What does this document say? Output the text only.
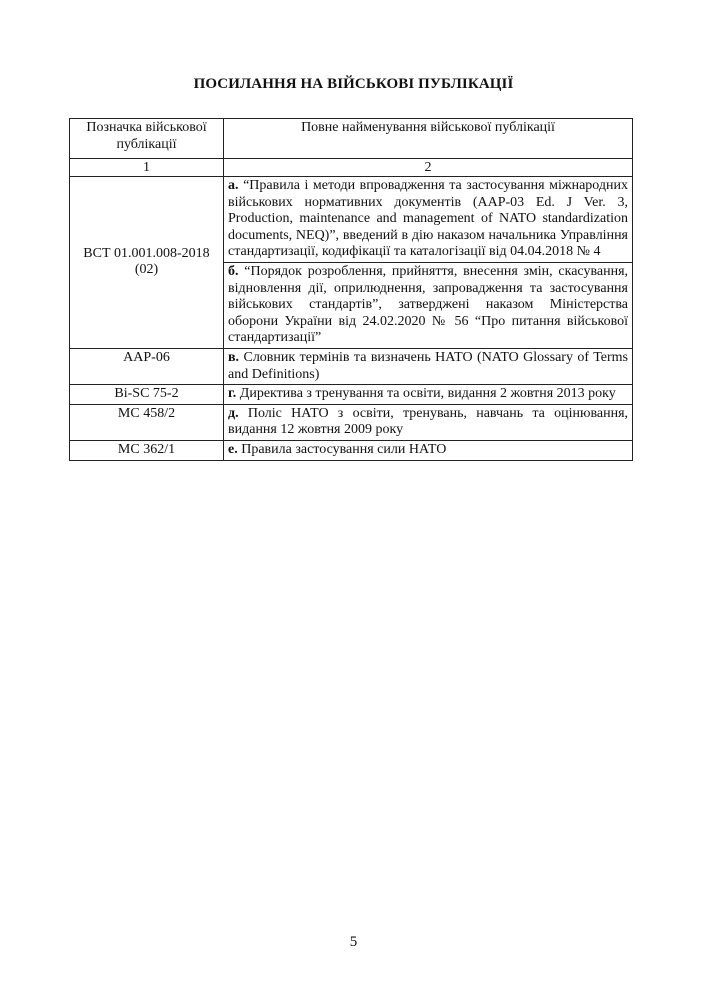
ПОСИЛАННЯ НА ВІЙСЬКОВІ ПУБЛІКАЦІЇ
Позначка військової публікації	Повне найменування військової публікації
1	2
ВСТ 01.001.008-2018 (02)	а. “Правила і методи впровадження та застосування міжнародних військових нормативних документів (AAP-03 Ed. J Ver. 3, Production, maintenance and management of NATO standardization documents, NEQ)”, введений в дію наказом начальника Управління стандартизації, кодифікації та каталогізації від 04.04.2018 № 4
	б. “Порядок розроблення, прийняття, внесення змін, скасування, відновлення дії, оприлюднення, запровадження та застосування військових стандартів”, затверджені наказом Міністерства оборони України від 24.02.2020 № 56 “Про питання військової стандартизації”
ААР-06	в. Словник термінів та визначень НАТО (NATO Glossary of Terms and Definitions)
Bi-SC 75-2	г. Директива з тренування та освіти, видання 2 жовтня 2013 року
MC 458/2	д. Поліс НАТО з освіти, тренувань, навчань та оцінювання, видання 12 жовтня 2009 року
MC 362/1	е. Правила застосування сили НАТО
5
